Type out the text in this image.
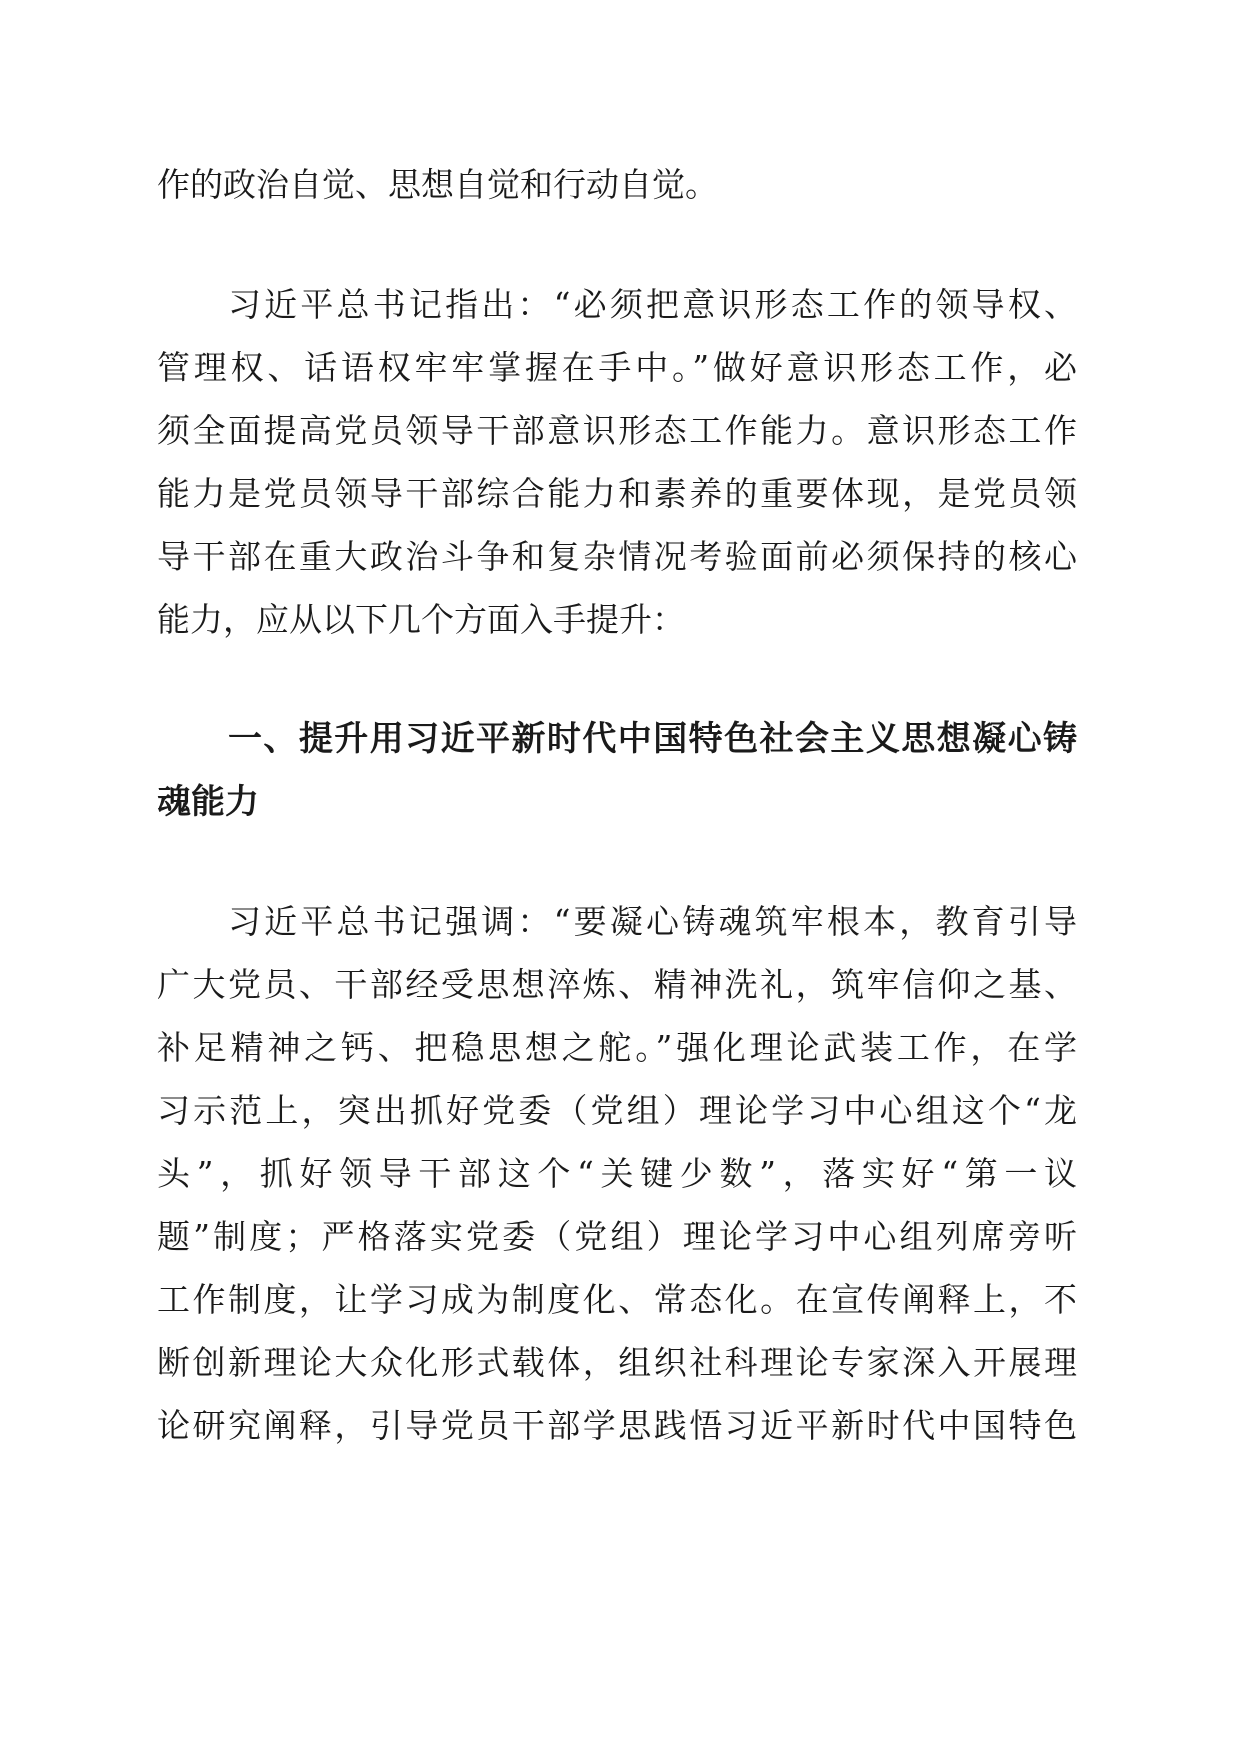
作的政治自觉、思想自觉和行动自觉。
习近平总书记指出：“必须把意识形态工作的领导权、
管理权、话语权牢牢掌握在手中。”做好意识形态工作，必
须全面提高党员领导干部意识形态工作能力。意识形态工作
能力是党员领导干部综合能力和素养的重要体现，是党员领
导干部在重大政治斗争和复杂情况考验面前必须保持的核心
能力，应从以下几个方面入手提升：
一、提升用习近平新时代中国特色社会主义思想凝心铸
魂能力
习近平总书记强调：“要凝心铸魂筑牢根本，教育引导
广大党员、干部经受思想淬炼、精神洗礼，筑牢信仰之基、
补足精神之钙、把稳思想之舵。”强化理论武装工作，在学
习示范上，突出抓好党委（党组）理论学习中心组这个“龙
头”，抓好领导干部这个“关键少数”，落实好“第一议
题”制度；严格落实党委（党组）理论学习中心组列席旁听
工作制度，让学习成为制度化、常态化。在宣传阐释上，不
断创新理论大众化形式载体，组织社科理论专家深入开展理
论研究阐释，引导党员干部学思践悟习近平新时代中国特色
